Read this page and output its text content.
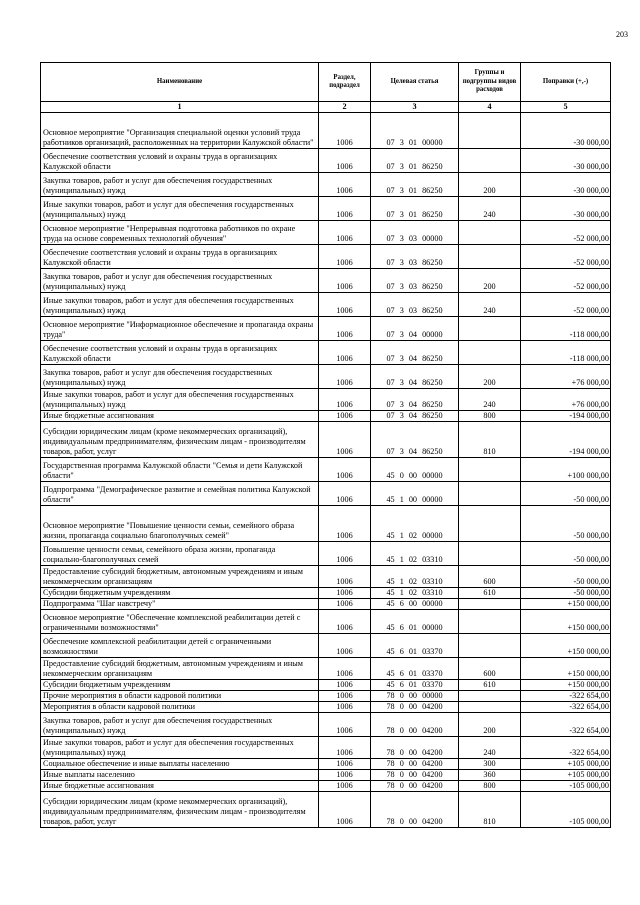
203
Наименование	Раздел, подраздел	Целевая статья	Группы и подгруппы видов расходов	Поправки (+,-)
1	2	3	4	5
Основное мероприятие "Организация специальной оценки условий труда работников организаций, расположенных на территории Калужской области"	1006	07 3 01 00000		-30 000,00
Обеспечение соответствия условий и охраны труда в организациях Калужской области	1006	07 3 01 86250		-30 000,00
Закупка товаров, работ и услуг для обеспечения государственных (муниципальных) нужд	1006	07 3 01 86250	200	-30 000,00
Иные закупки товаров, работ и услуг для обеспечения государственных (муниципальных) нужд	1006	07 3 01 86250	240	-30 000,00
Основное мероприятие "Непрерывная подготовка работников по охране труда на основе современных технологий обучения"	1006	07 3 03 00000		-52 000,00
Обеспечение соответствия условий и охраны труда в организациях Калужской области	1006	07 3 03 86250		-52 000,00
Закупка товаров, работ и услуг для обеспечения государственных (муниципальных) нужд	1006	07 3 03 86250	200	-52 000,00
Иные закупки товаров, работ и услуг для обеспечения государственных (муниципальных) нужд	1006	07 3 03 86250	240	-52 000,00
Основное мероприятие "Информационное обеспечение и пропаганда охраны труда"	1006	07 3 04 00000		-118 000,00
Обеспечение соответствия условий и охраны труда в организациях Калужской области	1006	07 3 04 86250		-118 000,00
Закупка товаров, работ и услуг для обеспечения государственных (муниципальных) нужд	1006	07 3 04 86250	200	+76 000,00
Иные закупки товаров, работ и услуг для обеспечения государственных (муниципальных) нужд	1006	07 3 04 86250	240	+76 000,00
Иные бюджетные ассигнования	1006	07 3 04 86250	800	-194 000,00
Субсидии юридическим лицам (кроме некоммерческих организаций), индивидуальным предпринимателям, физическим лицам - производителям товаров, работ, услуг	1006	07 3 04 86250	810	-194 000,00
Государственная программа Калужской области "Семья и дети Калужской области"	1006	45 0 00 00000		+100 000,00
Подпрограмма "Демографическое развитие и семейная политика Калужской области"	1006	45 1 00 00000		-50 000,00
Основное мероприятие "Повышение ценности семьи, семейного образа жизни, пропаганда социально благополучных семей"	1006	45 1 02 00000		-50 000,00
Повышение ценности семьи, семейного образа жизни, пропаганда социально-благополучных семей	1006	45 1 02 03310		-50 000,00
Предоставление субсидий бюджетным, автономным учреждениям и иным некоммерческим организациям	1006	45 1 02 03310	600	-50 000,00
Субсидии бюджетным учреждениям	1006	45 1 02 03310	610	-50 000,00
Подпрограмма "Шаг навстречу"	1006	45 6 00 00000		+150 000,00
Основное мероприятие "Обеспечение комплексной реабилитации детей с ограниченными возможностями"	1006	45 6 01 00000		+150 000,00
Обеспечение комплексной реабилитации детей с ограниченными возможностями	1006	45 6 01 03370		+150 000,00
Предоставление субсидий бюджетным, автономным учреждениям и иным некоммерческим организациям	1006	45 6 01 03370	600	+150 000,00
Субсидии бюджетным учреждениям	1006	45 6 01 03370	610	+150 000,00
Прочие мероприятия в области кадровой политики	1006	78 0 00 00000		-322 654,00
Мероприятия в области кадровой политики	1006	78 0 00 04200		-322 654,00
Закупка товаров, работ и услуг для обеспечения государственных (муниципальных) нужд	1006	78 0 00 04200	200	-322 654,00
Иные закупки товаров, работ и услуг для обеспечения государственных (муниципальных) нужд	1006	78 0 00 04200	240	-322 654,00
Социальное обеспечение и иные выплаты населению	1006	78 0 00 04200	300	+105 000,00
Иные выплаты населению	1006	78 0 00 04200	360	+105 000,00
Иные бюджетные ассигнования	1006	78 0 00 04200	800	-105 000,00
Субсидии юридическим лицам (кроме некоммерческих организаций), индивидуальным предпринимателям, физическим лицам - производителям товаров, работ, услуг	1006	78 0 00 04200	810	-105 000,00
